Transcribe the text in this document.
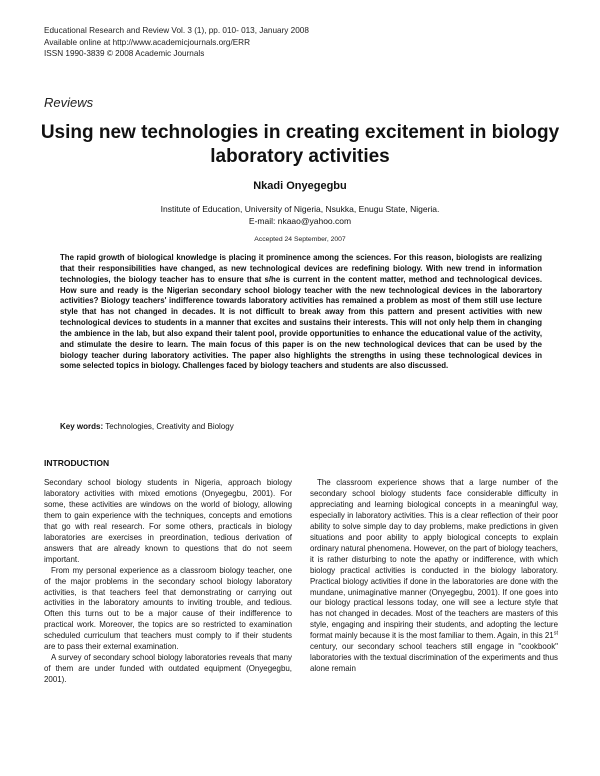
Educational Research and Review Vol. 3 (1), pp. 010- 013, January 2008
Available online at http://www.academicjournals.org/ERR
ISSN 1990-3839 © 2008 Academic Journals
Reviews
Using new technologies in creating excitement in biology laboratory activities
Nkadi Onyegegbu
Institute of Education, University of Nigeria, Nsukka, Enugu State, Nigeria.
E-mail: nkaao@yahoo.com
Accepted 24 September, 2007
The rapid growth of biological knowledge is placing it prominence among the sciences. For this reason, biologists are realizing that their responsibilities have changed, as new technological devices are redefining biology. With new trend in information technologies, the biology teacher has to ensure that s/he is current in the content matter, method and technological devices. How sure and ready is the Nigerian secondary school biology teacher with the new technological devices in the laborartory activities? Biology teachers' indifference towards laboratory activities has remained a problem as most of them still use lecture style that has not changed in decades. It is not difficult to break away from this pattern and present activities with new technological devices to students in a manner that excites and sustains their interests. This will not only help them in changing the ambience in the lab, but also expand their talent pool, provide opportunities to enhance the educational value of the activity, and stimulate the desire to learn. The main focus of this paper is on the new technological devices that can be used by the biology teacher during laboratory activities. The paper also highlights the strengths in using these technological devices in some selected topics in biology. Challenges faced by biology teachers and students are also discussed.
Key words: Technologies, Creativity and Biology
INTRODUCTION

Secondary school biology students in Nigeria, approach biology laboratory activities with mixed emotions (Onyegegbu, 2001). For some, these activities are windows on the world of biology, allowing them to gain experience with the techniques, concepts and emotions that go with real research. For some others, practicals in biology laboratories are exercises in preordination, tedious derivation of answers that are already known to questions that do not seem important.

From my personal experience as a classroom biology teacher, one of the major problems in the secondary school biology laboratory activities, is that teachers feel that demonstrating or carrying out activities in the laboratory amounts to inviting trouble, and tedious. Often this turns out to be a major cause of their indifference to practical work. Moreover, the topics are so restricted to examination scheduled curriculum that teachers must comply to if their students are to pass their external examination.

A survey of secondary school biology laboratories reveals that many of them are under funded with outdated equipment (Onyegegbu, 2001).

The classroom experience shows that a large number of the secondary school biology students face considerable difficulty in appreciating and learning biological concepts in a meaningful way, especially in laboratory activities. This is a clear reflection of their poor ability to solve simple day to day problems, make predictions in given situations and poor ability to apply biological concepts to explain ordinary natural phenomena. However, on the part of biology teachers, it is rather disturbing to note the apathy or indifference, with which biology practical activities is conducted in the biology laboratory. Practical biology activities if done in the laboratories are done with the mundane, unimaginative manner (Onyegegbu, 2001). If one goes into our biology practical lessons today, one will see a lecture style that has not changed in decades. Most of the teachers are masters of this style, engaging and inspiring their students, and adopting the lecture format mainly because it is the most familiar to them. Again, in this 21st century, our secondary school teachers still engage in "cookbook" laboratories with the textual discrimination of the experiments and thus alone remain
